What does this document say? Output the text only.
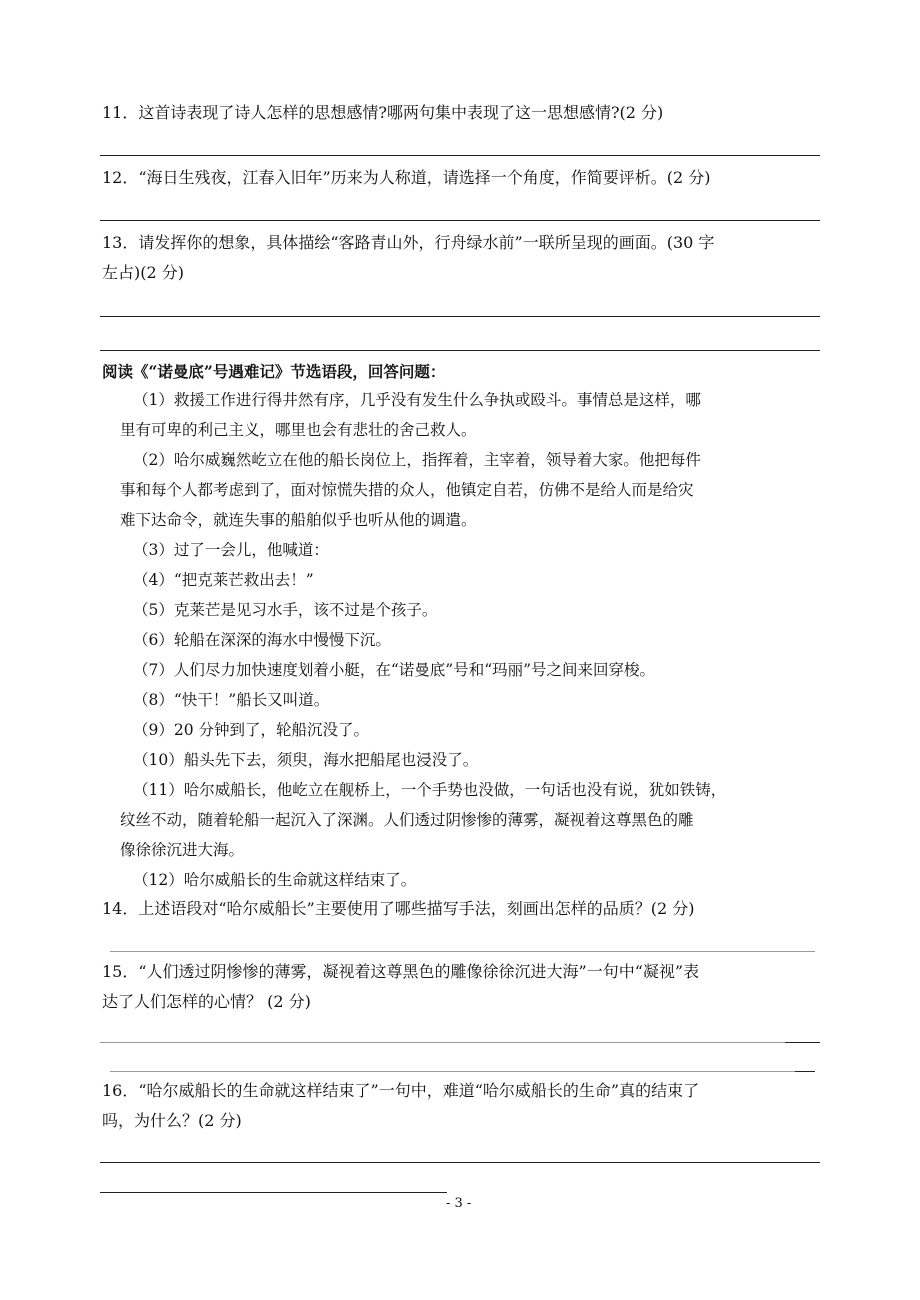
11．这首诗表现了诗人怎样的思想感情?哪两句集中表现了这一思想感情?(2 分)
12．“海日生残夜，江春入旧年”历来为人称道，请选择一个角度，作简要评析。(2 分)
13．请发挥你的想象，具体描绘“客路青山外，行舟绿水前”一联所呈现的画面。(30 字
左占)(2 分)
阅读《“诺曼底”号遇难记》节选语段，回答问题：
（1）救援工作进行得井然有序，几乎没有发生什么争执或殴斗。事情总是这样，哪
里有可卑的利己主义，哪里也会有悲壮的舍己救人。
（2）哈尔威巍然屹立在他的船长岗位上，指挥着，主宰着，领导着大家。他把每件
事和每个人都考虑到了，面对惊慌失措的众人，他镇定自若，仿佛不是给人而是给灾
难下达命令，就连失事的船舶似乎也听从他的调遣。
（3）过了一会儿，他喊道：
（4）“把克莱芒救出去！”
（5）克莱芒是见习水手，该不过是个孩子。
（6）轮船在深深的海水中慢慢下沉。
（7）人们尽力加快速度划着小艇，在“诺曼底”号和“玛丽”号之间来回穿梭。
（8）“快干！”船长又叫道。
（9）20 分钟到了，轮船沉没了。
（10）船头先下去，须臾，海水把船尾也浸没了。
（11）哈尔威船长，他屹立在舰桥上，一个手势也没做，一句话也没有说，犹如铁铸，
纹丝不动，随着轮船一起沉入了深渊。人们透过阴惨惨的薄雾，凝视着这尊黑色的雕
像徐徐沉进大海。
（12）哈尔威船长的生命就这样结束了。
14．上述语段对“哈尔威船长”主要使用了哪些描写手法，刻画出怎样的品质？(2 分)
15．“人们透过阴惨惨的薄雾，凝视着这尊黑色的雕像徐徐沉进大海”一句中“凝视”表
达了人们怎样的心情？ (2 分)
16．“哈尔威船长的生命就这样结束了”一句中，难道“哈尔威船长的生命”真的结束了
吗，为什么？(2 分)
- 3 -
